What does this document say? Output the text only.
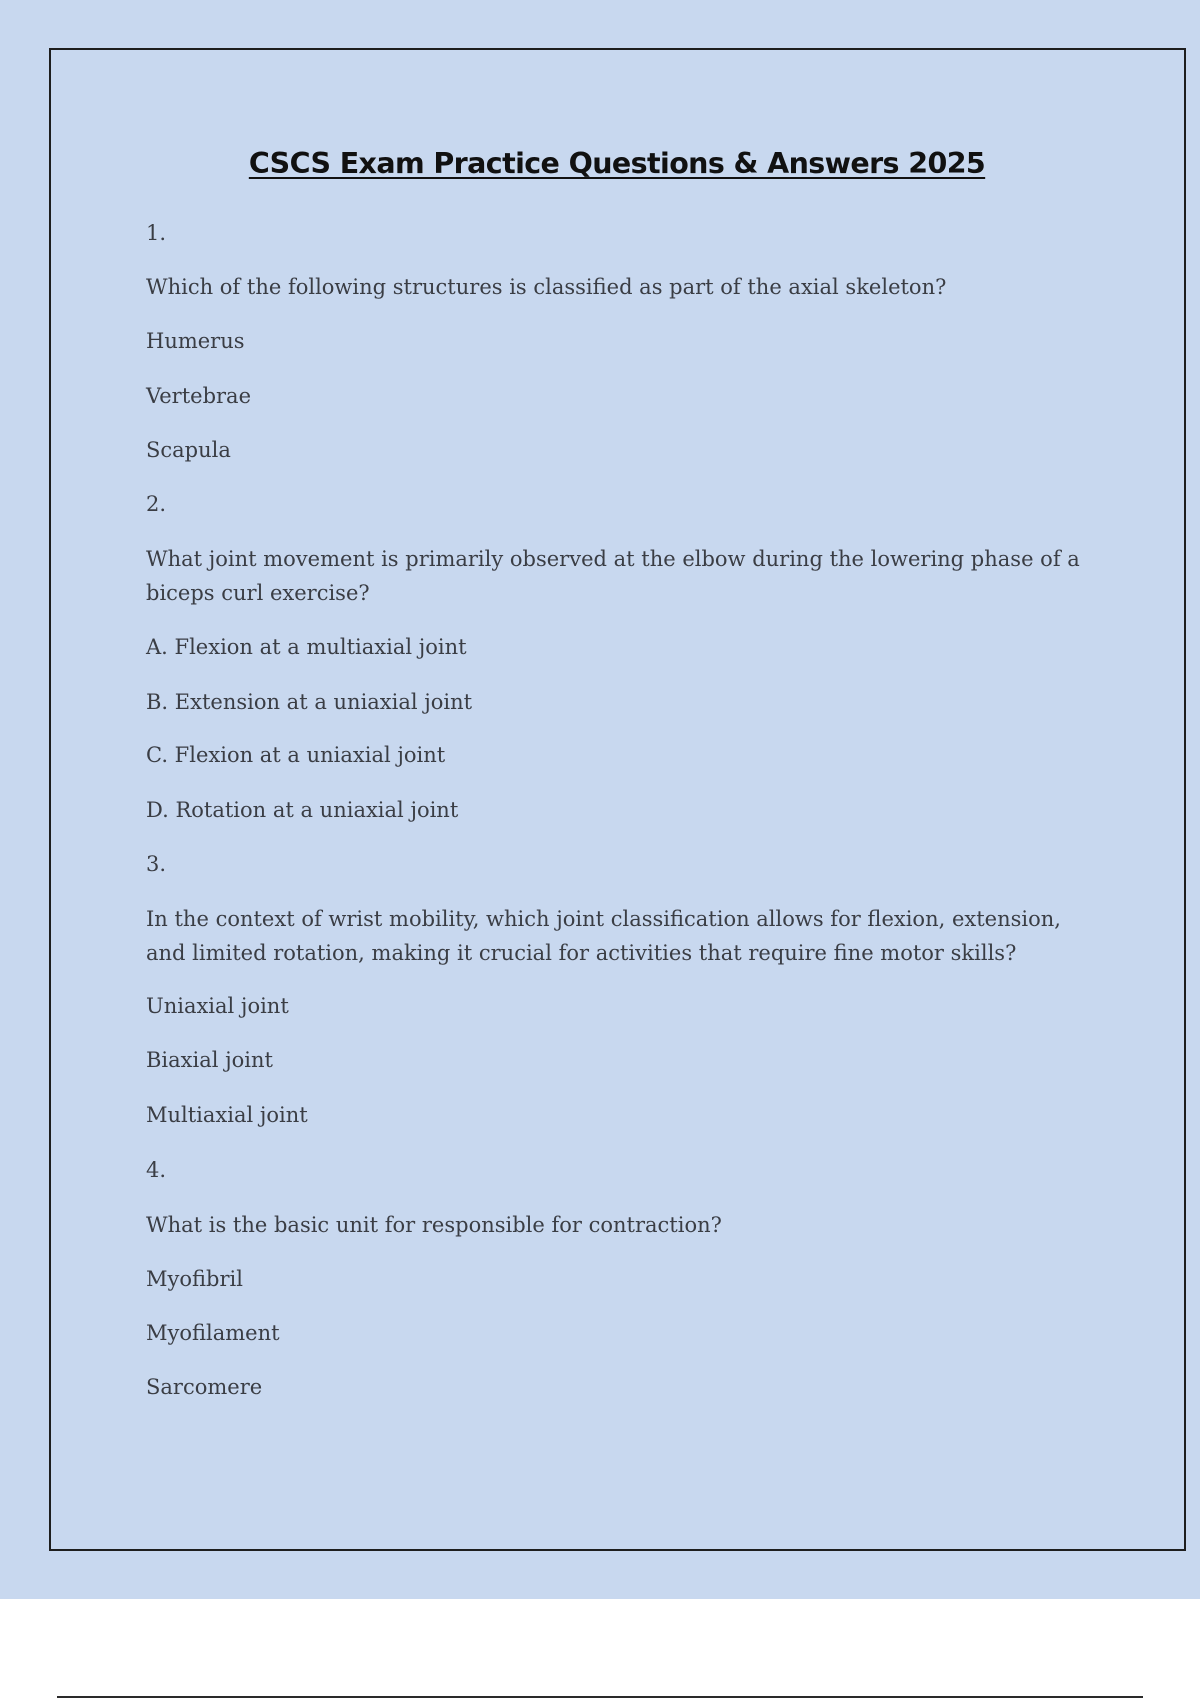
CSCS Exam Practice Questions & Answers 2025
1.
Which of the following structures is classified as part of the axial skeleton?
Humerus
Vertebrae
Scapula
2.
What joint movement is primarily observed at the elbow during the lowering phase of a biceps curl exercise?
A. Flexion at a multiaxial joint
B. Extension at a uniaxial joint
C. Flexion at a uniaxial joint
D. Rotation at a uniaxial joint
3.
In the context of wrist mobility, which joint classification allows for flexion, extension, and limited rotation, making it crucial for activities that require fine motor skills?
Uniaxial joint
Biaxial joint
Multiaxial joint
4.
What is the basic unit for responsible for contraction?
Myofibril
Myofilament
Sarcomere
